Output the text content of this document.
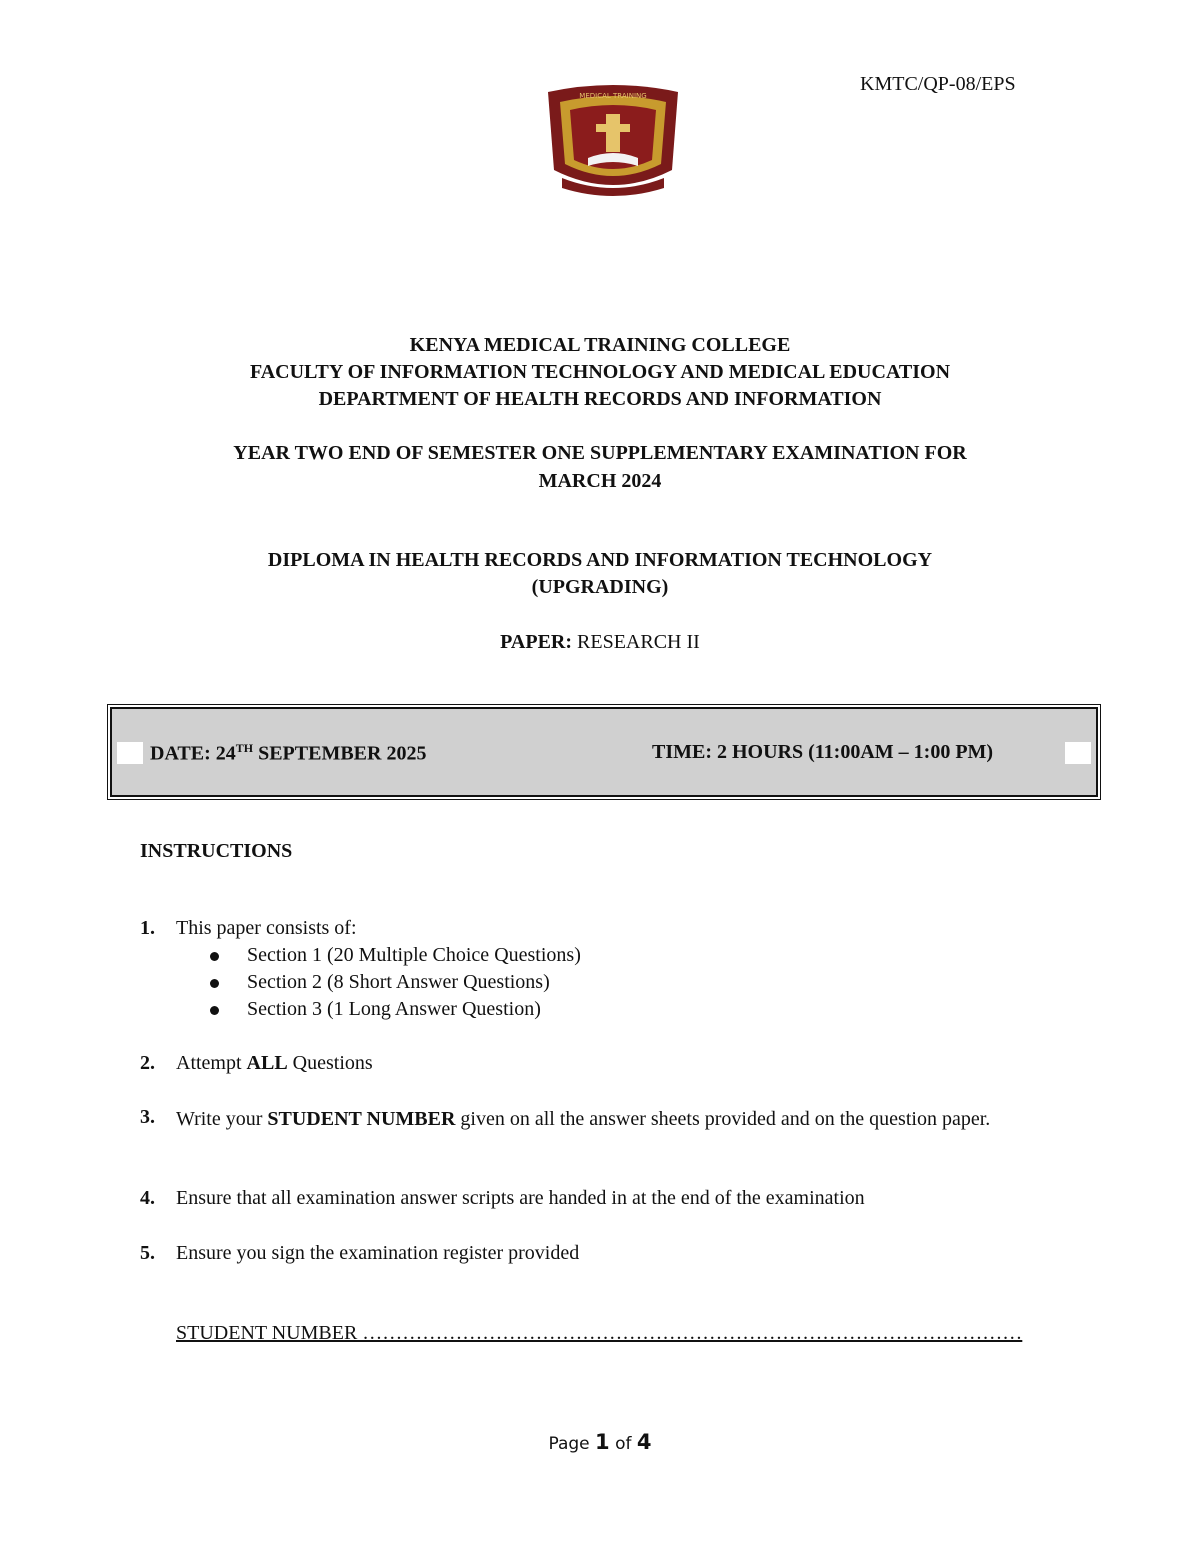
KMTC/QP-08/EPS
MEDICAL TRAINING
KENYA MEDICAL TRAINING COLLEGE
FACULTY OF INFORMATION TECHNOLOGY AND MEDICAL EDUCATION
DEPARTMENT OF HEALTH RECORDS AND INFORMATION
YEAR TWO END OF SEMESTER ONE SUPPLEMENTARY EXAMINATION FOR
MARCH 2024
DIPLOMA IN HEALTH RECORDS AND INFORMATION TECHNOLOGY
(UPGRADING)
PAPER: RESEARCH II
DATE: 24TH SEPTEMBER 2025	TIME: 2 HOURS (11:00AM – 1:00 PM)
INSTRUCTIONS
1. This paper consists of:
Section 1 (20 Multiple Choice Questions)
Section 2 (8 Short Answer Questions)
Section 3 (1 Long Answer Question)
2. Attempt ALL Questions
3. Write your STUDENT NUMBER given on all the answer sheets provided and on the question paper.
4. Ensure that all examination answer scripts are handed in at the end of the examination
5. Ensure you sign the examination register provided
STUDENT NUMBER ………………………………………………………………………………………
Page 1 of 4
